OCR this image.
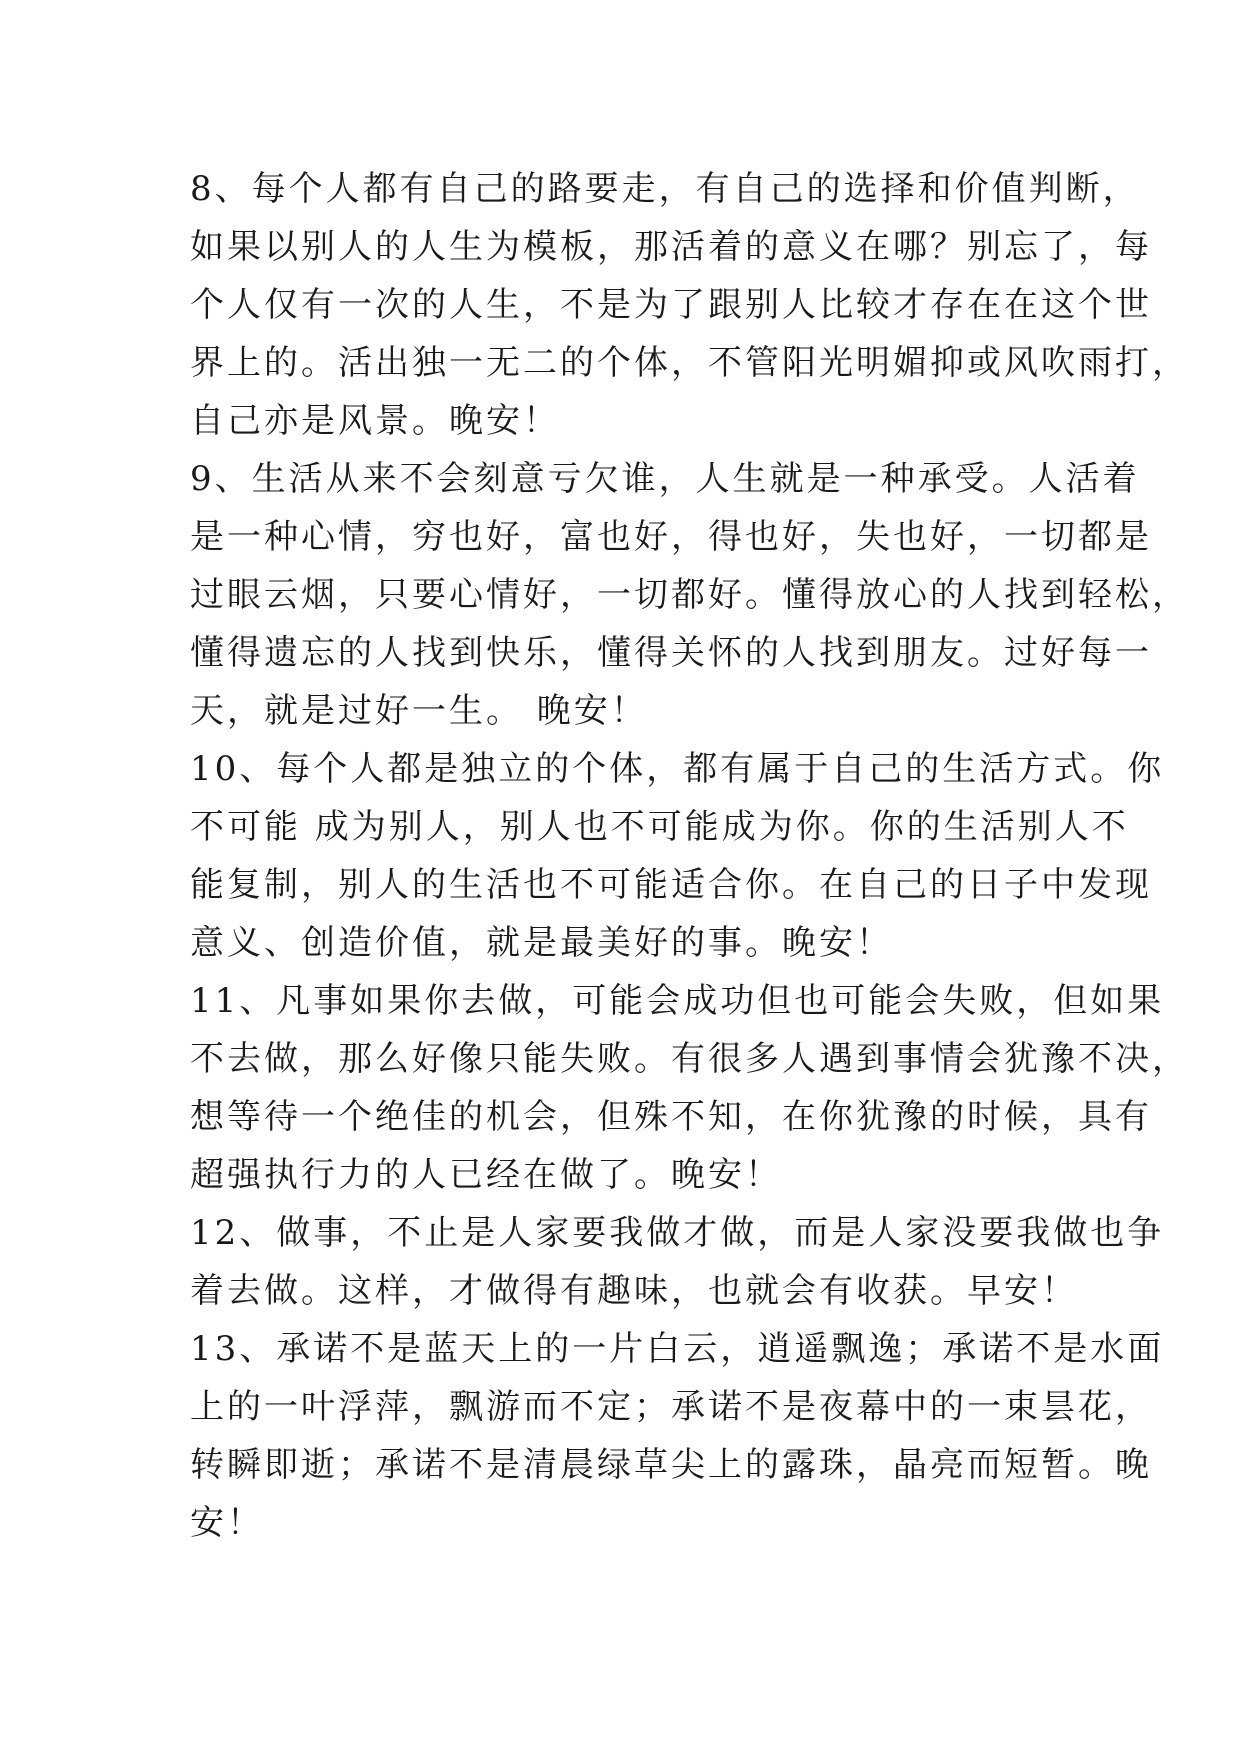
8、每个人都有自己的路要走，有自己的选择和价值判断，
如果以别人的人生为模板，那活着的意义在哪？别忘了，每
个人仅有一次的人生，不是为了跟别人比较才存在在这个世
界上的。活出独一无二的个体，不管阳光明媚抑或风吹雨打，
自己亦是风景。晚安！
9、生活从来不会刻意亏欠谁，人生就是一种承受。人活着
是一种心情，穷也好，富也好，得也好，失也好，一切都是
过眼云烟，只要心情好，一切都好。懂得放心的人找到轻松，
懂得遗忘的人找到快乐，懂得关怀的人找到朋友。过好每一
天，就是过好一生。 晚安！
10、每个人都是独立的个体，都有属于自己的生活方式。你
不可能 成为别人，别人也不可能成为你。你的生活别人不
能复制，别人的生活也不可能适合你。在自己的日子中发现
意义、创造价值，就是最美好的事。晚安！
11、凡事如果你去做，可能会成功但也可能会失败，但如果
不去做，那么好像只能失败。有很多人遇到事情会犹豫不决，
想等待一个绝佳的机会，但殊不知，在你犹豫的时候，具有
超强执行力的人已经在做了。晚安！
12、做事，不止是人家要我做才做，而是人家没要我做也争
着去做。这样，才做得有趣味，也就会有收获。早安！
13、承诺不是蓝天上的一片白云，逍遥飘逸；承诺不是水面
上的一叶浮萍，飘游而不定；承诺不是夜幕中的一束昙花，
转瞬即逝；承诺不是清晨绿草尖上的露珠，晶亮而短暂。晚
安！
